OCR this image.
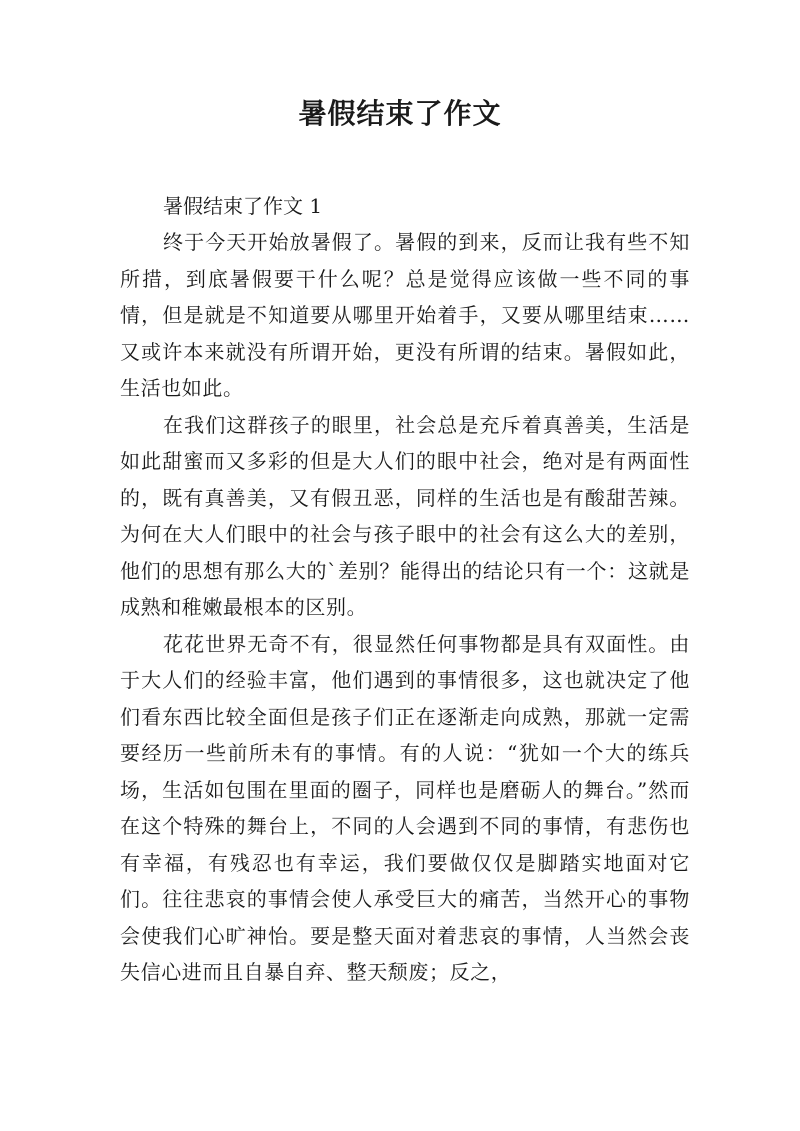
暑假结束了作文
暑假结束了作文 1

终于今天开始放暑假了。暑假的到来，反而让我有些不知所措，到底暑假要干什么呢？总是觉得应该做一些不同的事情，但是就是不知道要从哪里开始着手，又要从哪里结束……又或许本来就没有所谓开始，更没有所谓的结束。暑假如此，生活也如此。

在我们这群孩子的眼里，社会总是充斥着真善美，生活是如此甜蜜而又多彩的但是大人们的眼中社会，绝对是有两面性的，既有真善美，又有假丑恶，同样的生活也是有酸甜苦辣。为何在大人们眼中的社会与孩子眼中的社会有这么大的差别，他们的思想有那么大的`差别？能得出的结论只有一个：这就是成熟和稚嫩最根本的区别。

花花世界无奇不有，很显然任何事物都是具有双面性。由于大人们的经验丰富，他们遇到的事情很多，这也就决定了他们看东西比较全面但是孩子们正在逐渐走向成熟，那就一定需要经历一些前所未有的事情。有的人说：“犹如一个大的练兵场，生活如包围在里面的圈子，同样也是磨砺人的舞台。”然而在这个特殊的舞台上，不同的人会遇到不同的事情，有悲伤也有幸福，有残忍也有幸运，我们要做仅仅是脚踏实地面对它们。往往悲哀的事情会使人承受巨大的痛苦，当然开心的事物会使我们心旷神怡。要是整天面对着悲哀的事情，人当然会丧失信心进而且自暴自弃、整天颓废；反之，
